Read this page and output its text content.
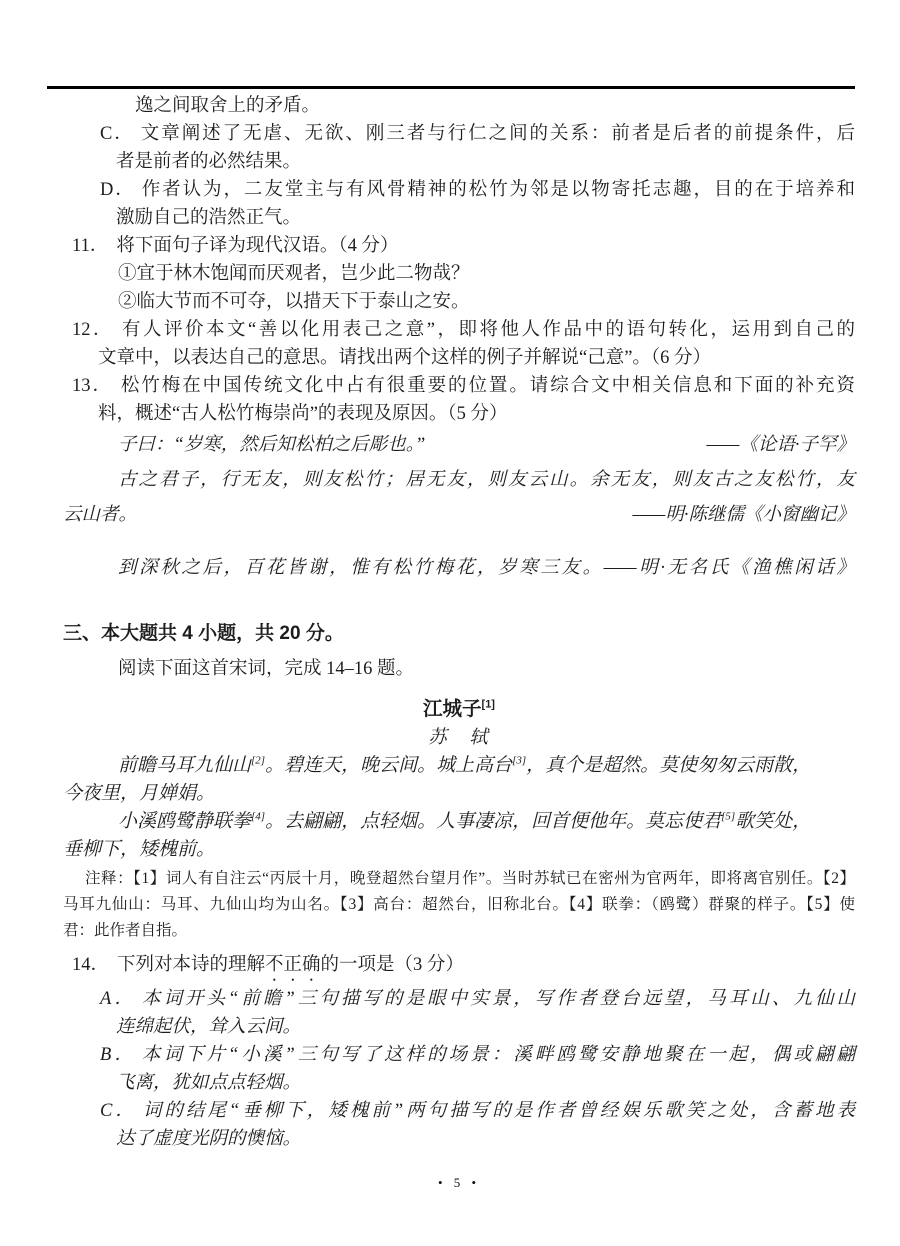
逸之间取舍上的矛盾。
C． 文章阐述了无虐、无欲、刚三者与行仁之间的关系：前者是后者的前提条件，后
者是前者的必然结果。
D． 作者认为，二友堂主与有风骨精神的松竹为邻是以物寄托志趣，目的在于培养和
激励自己的浩然正气。
11． 将下面句子译为现代汉语。（4 分）
①宜于林木饱闻而厌观者，岂少此二物哉？
②临大节而不可夺，以措天下于泰山之安。
12． 有人评价本文“善以化用表己之意”，即将他人作品中的语句转化，运用到自己的
文章中，以表达自己的意思。请找出两个这样的例子并解说“己意”。（6 分）
13． 松竹梅在中国传统文化中占有很重要的位置。请综合文中相关信息和下面的补充资
料，概述“古人松竹梅崇尚”的表现及原因。（5 分）
子曰：“岁寒，然后知松柏之后彫也。”	——《论语·子罕》
古之君子，行无友，则友松竹；居无友，则友云山。余无友，则友古之友松竹，友
云山者。	——明·陈继儒《小窗幽记》
到深秋之后，百花皆谢，惟有松竹梅花，岁寒三友。——明·无名氏《渔樵闲话》
三、本大题共 4 小题，共 20 分。
阅读下面这首宋词，完成 14–16 题。
江城子[1]
苏　轼
前瞻马耳九仙山[2]。碧连天，晚云间。城上高台[3]，真个是超然。莫使匆匆云雨散，
今夜里，月婵娟。
小溪鸥鹭静联拳[4]。去翩翩，点轻烟。人事凄凉，回首便他年。莫忘使君[5]歌笑处，
垂柳下，矮槐前。
注释：【1】词人有自注云“丙辰十月，晚登超然台望月作”。当时苏轼已在密州为官两年，即将离官别任。【2】
马耳九仙山：马耳、九仙山均为山名。【3】高台：超然台，旧称北台。【4】联拳：（鸥鹭）群聚的样子。【5】使
君：此作者自指。
14． 下列对本诗的理解不正确的一项是（3 分）
A． 本词开头“前瞻”三句描写的是眼中实景，写作者登台远望，马耳山、九仙山
连绵起伏，耸入云间。
B． 本词下片“小溪”三句写了这样的场景：溪畔鸥鹭安静地聚在一起，偶或翩翩
飞离，犹如点点轻烟。
C． 词的结尾“垂柳下，矮槐前”两句描写的是作者曾经娱乐歌笑之处，含蓄地表
达了虚度光阴的懊恼。
• 5 •
